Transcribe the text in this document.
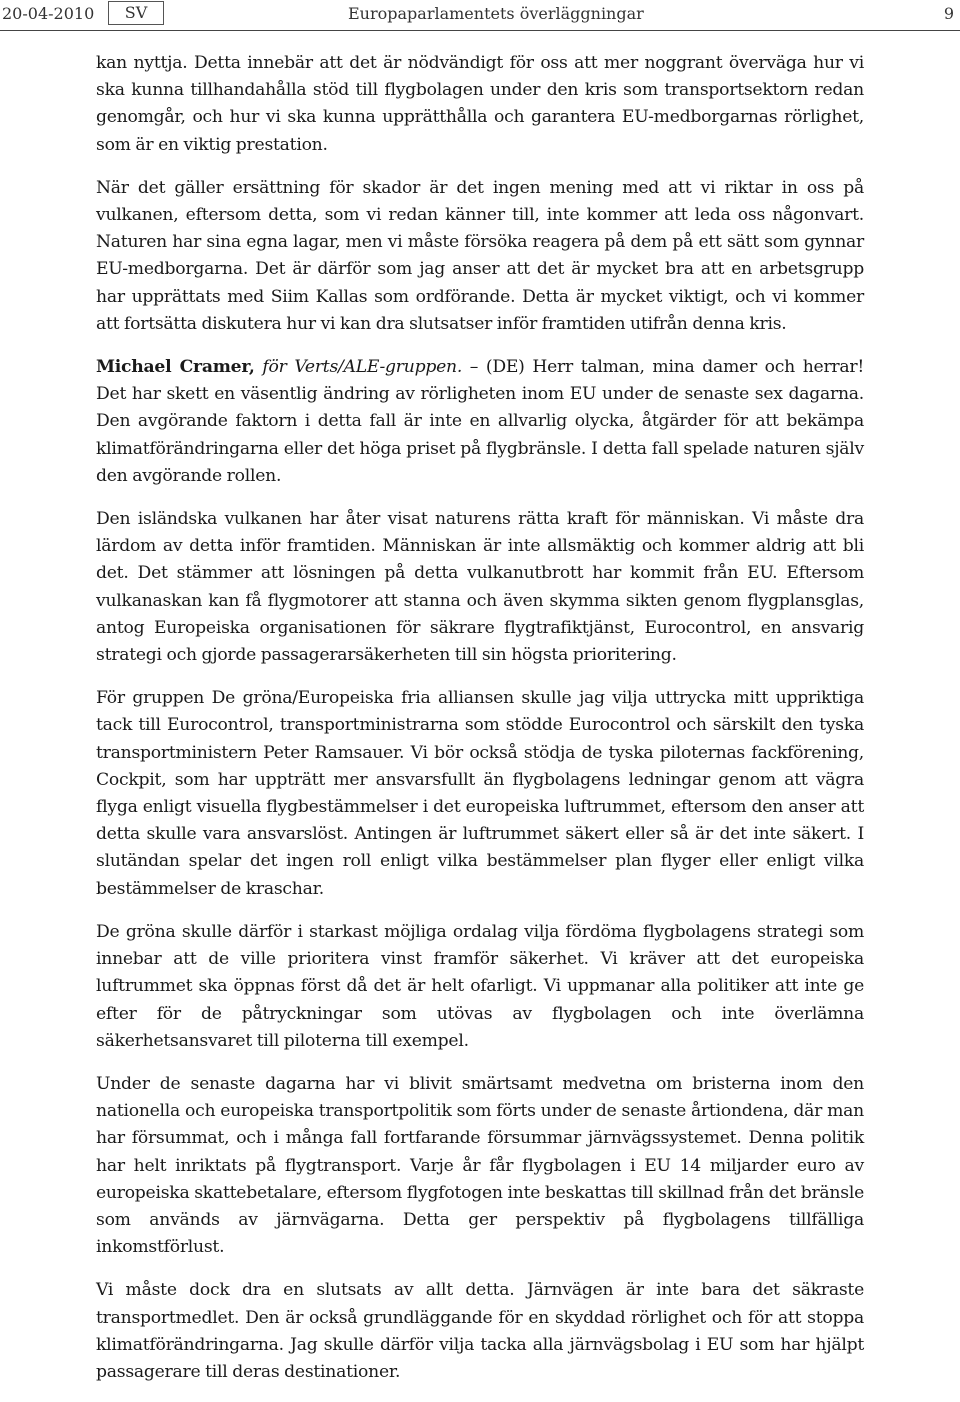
20-04-2010	SV	Europaparlamentets överläggningar	9

kan nyttja. Detta innebär att det är nödvändigt för oss att mer noggrant överväga hur vi ska kunna tillhandahålla stöd till flygbolagen under den kris som transportsektorn redan genomgår, och hur vi ska kunna upprätthålla och garantera EU-medborgarnas rörlighet, som är en viktig prestation.

När det gäller ersättning för skador är det ingen mening med att vi riktar in oss på vulkanen, eftersom detta, som vi redan känner till, inte kommer att leda oss någonvart. Naturen har sina egna lagar, men vi måste försöka reagera på dem på ett sätt som gynnar EU-medborgarna. Det är därför som jag anser att det är mycket bra att en arbetsgrupp har upprättats med Siim Kallas som ordförande. Detta är mycket viktigt, och vi kommer att fortsätta diskutera hur vi kan dra slutsatser inför framtiden utifrån denna kris.

Michael Cramer, för Verts/ALE-gruppen. – (DE) Herr talman, mina damer och herrar! Det har skett en väsentlig ändring av rörligheten inom EU under de senaste sex dagarna. Den avgörande faktorn i detta fall är inte en allvarlig olycka, åtgärder för att bekämpa klimatförändringarna eller det höga priset på flygbränsle. I detta fall spelade naturen själv den avgörande rollen.

Den isländska vulkanen har åter visat naturens rätta kraft för människan. Vi måste dra lärdom av detta inför framtiden. Människan är inte allsmäktig och kommer aldrig att bli det. Det stämmer att lösningen på detta vulkanutbrott har kommit från EU. Eftersom vulkanaskan kan få flygmotorer att stanna och även skymma sikten genom flygplansglas, antog Europeiska organisationen för säkrare flygtrafiktjänst, Eurocontrol, en ansvarig strategi och gjorde passagerarsäkerheten till sin högsta prioritering.

För gruppen De gröna/Europeiska fria alliansen skulle jag vilja uttrycka mitt uppriktiga tack till Eurocontrol, transportministrarna som stödde Eurocontrol och särskilt den tyska transportministern Peter Ramsauer. Vi bör också stödja de tyska piloternas fackförening, Cockpit, som har uppträtt mer ansvarsfullt än flygbolagens ledningar genom att vägra flyga enligt visuella flygbestämmelser i det europeiska luftrummet, eftersom den anser att detta skulle vara ansvarslöst. Antingen är luftrummet säkert eller så är det inte säkert. I slutändan spelar det ingen roll enligt vilka bestämmelser plan flyger eller enligt vilka bestämmelser de kraschar.

De gröna skulle därför i starkast möjliga ordalag vilja fördöma flygbolagens strategi som innebar att de ville prioritera vinst framför säkerhet. Vi kräver att det europeiska luftrummet ska öppnas först då det är helt ofarligt. Vi uppmanar alla politiker att inte ge efter för de påtryckningar som utövas av flygbolagen och inte överlämna säkerhetsansvaret till piloterna till exempel.

Under de senaste dagarna har vi blivit smärtsamt medvetna om bristerna inom den nationella och europeiska transportpolitik som förts under de senaste årtiondena, där man har försummat, och i många fall fortfarande försummar järnvägssystemet. Denna politik har helt inriktats på flygtransport. Varje år får flygbolagen i EU 14 miljarder euro av europeiska skattebetalare, eftersom flygfotogen inte beskattas till skillnad från det bränsle som används av järnvägarna. Detta ger perspektiv på flygbolagens tillfälliga inkomstförlust.

Vi måste dock dra en slutsats av allt detta. Järnvägen är inte bara det säkraste transportmedlet. Den är också grundläggande för en skyddad rörlighet och för att stoppa klimatförändringarna. Jag skulle därför vilja tacka alla järnvägsbolag i EU som har hjälpt passagerare till deras destinationer.
